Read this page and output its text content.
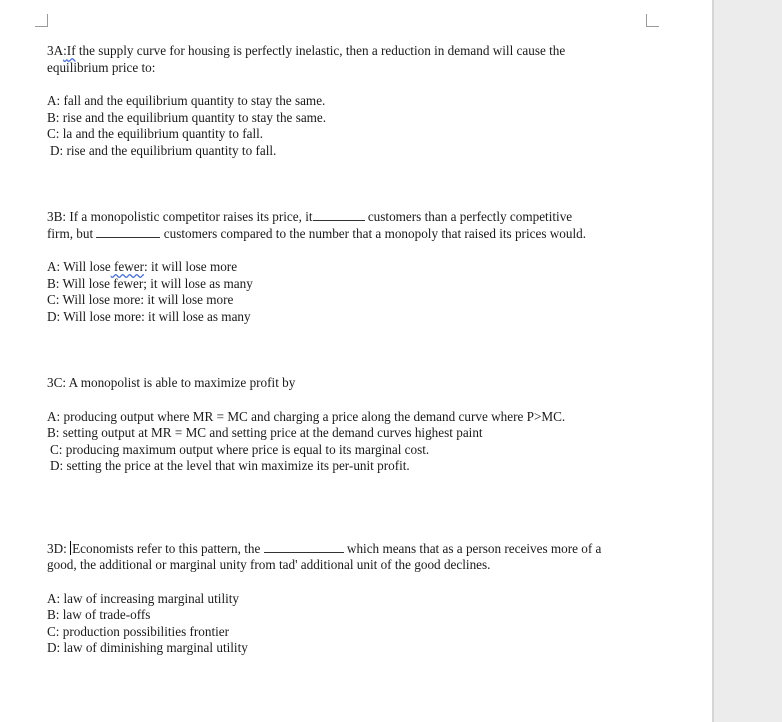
3A:If the supply curve for housing is perfectly inelastic, then a reduction in demand will cause the
equilibrium price to:

A: fall and the equilibrium quantity to stay the same.
B: rise and the equilibrium quantity to stay the same.
C: la and the equilibrium quantity to fall.
D: rise and the equilibrium quantity to fall.

3B: If a monopolistic competitor raises its price, it	customers than a perfectly competitive
firm, but	customers compared to the number that a monopoly that raised its prices would.

A: Will lose fewer: it will lose more
B: Will lose fewer; it will lose as many
C: Will lose more: it will lose more
D: Will lose more: it will lose as many

3C: A monopolist is able to maximize profit by

A: producing output where MR = MC and charging a price along the demand curve where P>MC.
B: setting output at MR = MC and setting price at the demand curves highest paint
C: producing maximum output where price is equal to its marginal cost.
D: setting the price at the level that win maximize its per-unit profit.

3D: Economists refer to this pattern, the	which means that as a person receives more of a
good, the additional or marginal unity from tad' additional unit of the good declines.

A: law of increasing marginal utility
B: law of trade-offs
C: production possibilities frontier
D: law of diminishing marginal utility
